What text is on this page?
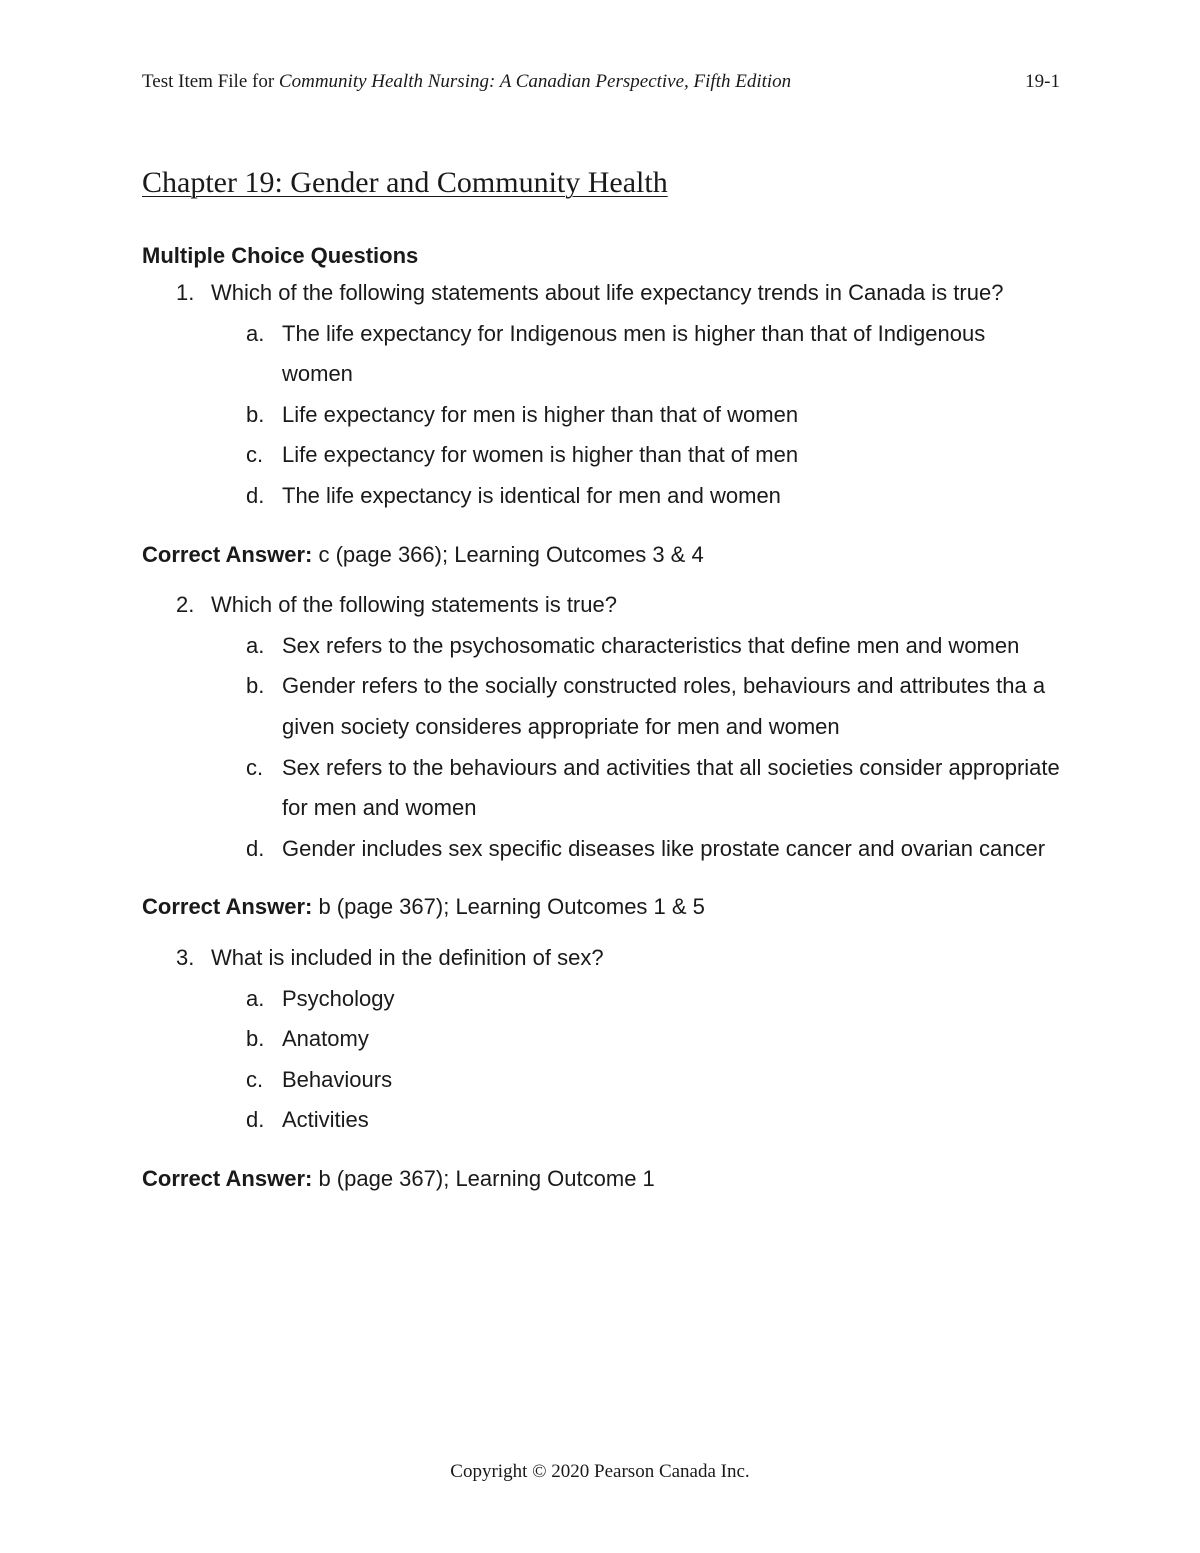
Test Item File for Community Health Nursing: A Canadian Perspective, Fifth Edition	19-1
Chapter 19: Gender and Community Health

Multiple Choice Questions

1. Which of the following statements about life expectancy trends in Canada is true?
a. The life expectancy for Indigenous men is higher than that of Indigenous women
b. Life expectancy for men is higher than that of women
c. Life expectancy for women is higher than that of men
d. The life expectancy is identical for men and women

Correct Answer: c (page 366); Learning Outcomes 3 & 4

2. Which of the following statements is true?
a. Sex refers to the psychosomatic characteristics that define men and women
b. Gender refers to the socially constructed roles, behaviours and attributes tha a given society consideres appropriate for men and women
c. Sex refers to the behaviours and activities that all societies consider appropriate for men and women
d. Gender includes sex specific diseases like prostate cancer and ovarian cancer

Correct Answer: b (page 367); Learning Outcomes 1 & 5

3. What is included in the definition of sex?
a. Psychology
b. Anatomy
c. Behaviours
d. Activities

Correct Answer: b (page 367); Learning Outcome 1

Copyright © 2020 Pearson Canada Inc.
